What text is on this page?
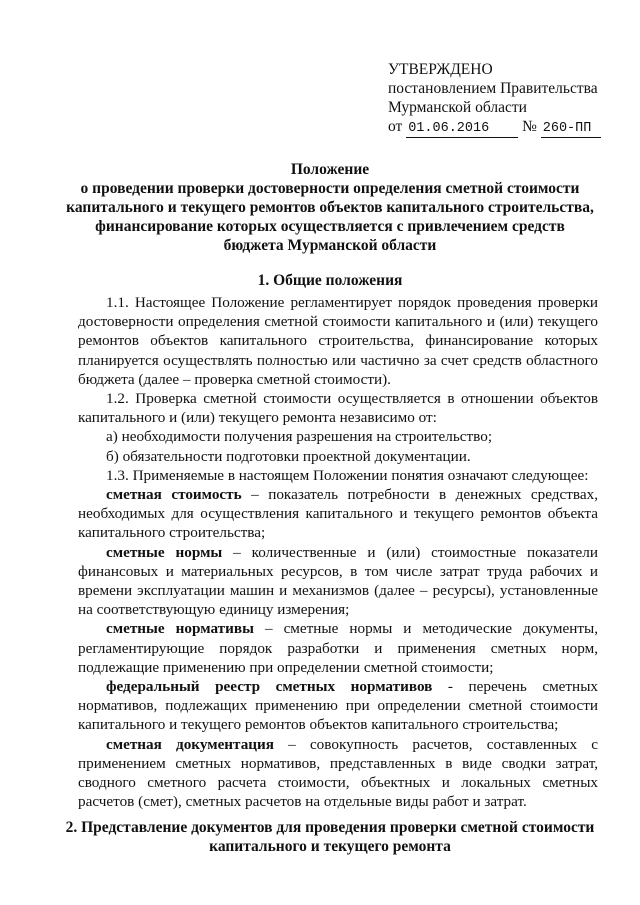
УТВЕРЖДЕНО
постановлением Правительства
Мурманской области
от 01.06.2016 № 260-ПП
Положение
о проведении проверки достоверности определения сметной стоимости
капитального и текущего ремонтов объектов капитального строительства,
финансирование которых осуществляется с привлечением средств
бюджета Мурманской области
1. Общие положения

1.1. Настоящее Положение регламентирует порядок проведения проверки достоверности определения сметной стоимости капитального и (или) текущего ремонтов объектов капитального строительства, финансирование которых планируется осуществлять полностью или частично за счет средств областного бюджета (далее – проверка сметной стоимости).

1.2. Проверка сметной стоимости осуществляется в отношении объектов капитального и (или) текущего ремонта независимо от:

а) необходимости получения разрешения на строительство;

б) обязательности подготовки проектной документации.

1.3. Применяемые в настоящем Положении понятия означают следующее:

сметная стоимость – показатель потребности в денежных средствах, необходимых для осуществления капитального и текущего ремонтов объекта капитального строительства;

сметные нормы – количественные и (или) стоимостные показатели финансовых и материальных ресурсов, в том числе затрат труда рабочих и времени эксплуатации машин и механизмов (далее – ресурсы), установленные на соответствующую единицу измерения;

сметные нормативы – сметные нормы и методические документы, регламентирующие порядок разработки и применения сметных норм, подлежащие применению при определении сметной стоимости;

федеральный реестр сметных нормативов - перечень сметных нормативов, подлежащих применению при определении сметной стоимости капитального и текущего ремонтов объектов капитального строительства;

сметная документация – совокупность расчетов, составленных с применением сметных нормативов, представленных в виде сводки затрат, сводного сметного расчета стоимости, объектных и локальных сметных расчетов (смет), сметных расчетов на отдельные виды работ и затрат.

2. Представление документов для проведения проверки сметной стоимости
капитального и текущего ремонта
